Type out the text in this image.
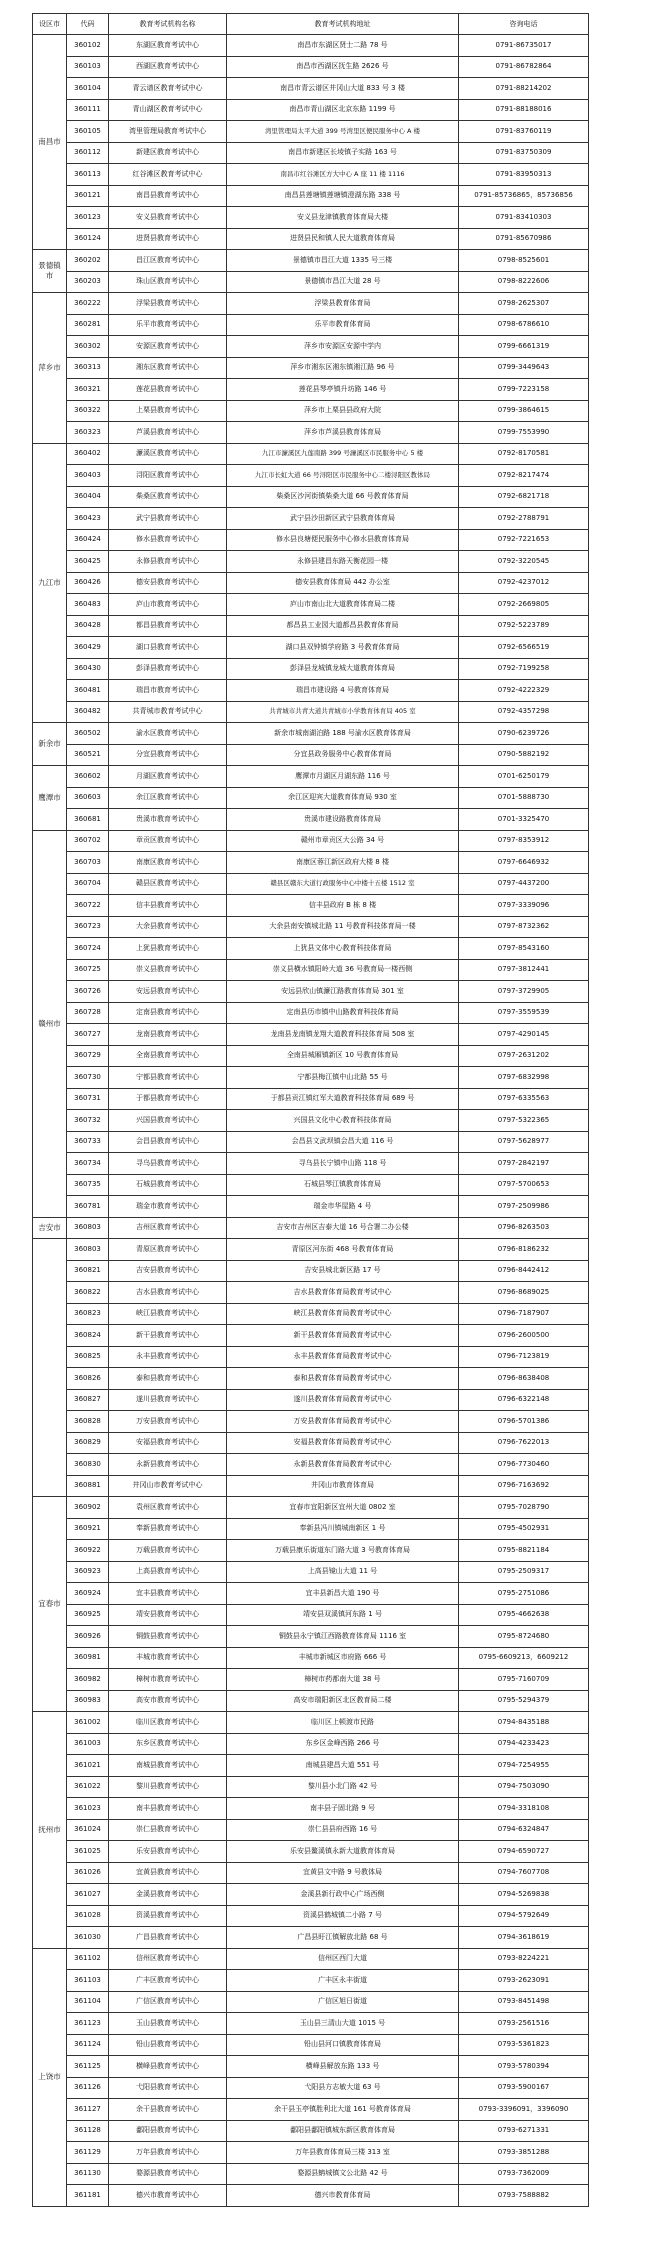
设区市	代码	教育考试机构名称	教育考试机构地址	咨询电话
南昌市	360102	东湖区教育考试中心	南昌市东湖区贤士二路 78 号	0791-86735017
	360103	西湖区教育考试中心	南昌市西湖区抚生路 2626 号	0791-86782864
	360104	青云谱区教育考试中心	南昌市青云谱区井冈山大道 833 号 3 楼	0791-88214202
	360111	青山湖区教育考试中心	南昌市青山湖区北京东路 1199 号	0791-88188016
	360105	湾里管理局教育考试中心	湾里管理局太平大道 399 号湾里区便民服务中心 A 楼	0791-83760119
	360112	新建区教育考试中心	南昌市新建区长堎镇子实路 163 号	0791-83750309
	360113	红谷滩区教育考试中心	南昌市红谷滩区方大中心 A 座 11 楼 1116	0791-83950313
	360121	南昌县教育考试中心	南昌县莲塘镇莲塘镇澄湖东路 338 号	0791-85736865，85736856
	360123	安义县教育考试中心	安义县龙津镇教育体育局大楼	0791-83410303
	360124	进贤县教育考试中心	进贤县民和镇人民大道教育体育局	0791-85670986
景德镇市	360202	昌江区教育考试中心	景德镇市昌江大道 1335 号三楼	0798-8525601
	360203	珠山区教育考试中心	景德镇市昌江大道 28 号	0798-8222606
萍乡市	360222	浮梁县教育考试中心	浮梁县教育体育局	0798-2625307
	360281	乐平市教育考试中心	乐平市教育体育局	0798-6786610
	360302	安源区教育考试中心	萍乡市安源区安源中学内	0799-6661319
	360313	湘东区教育考试中心	萍乡市湘东区湘东镇湘江路 96 号	0799-3449643
	360321	莲花县教育考试中心	莲花县琴亭镇升坊路 146 号	0799-7223158
	360322	上栗县教育考试中心	萍乡市上栗县县政府大院	0799-3864615
	360323	芦溪县教育考试中心	萍乡市芦溪县教育体育局	0799-7553990
九江市	360402	濂溪区教育考试中心	九江市濂溪区九莲南路 399 号濂溪区市民服务中心 5 楼	0792-8170581
	360403	浔阳区教育考试中心	九江市长虹大道 66 号浔阳区市民服务中心二楼浔阳区教体局	0792-8217474
	360404	柴桑区教育考试中心	柴桑区沙河街镇柴桑大道 66 号教育体育局	0792-6821718
	360423	武宁县教育考试中心	武宁县沙田新区武宁县教育体育局	0792-2788791
	360424	修水县教育考试中心	修水县良塘便民服务中心修水县教育体育局	0792-7221653
	360425	永修县教育考试中心	永修县建昌东路天衡花园一楼	0792-3220545
	360426	德安县教育考试中心	德安县教育体育局 442 办公室	0792-4237012
	360483	庐山市教育考试中心	庐山市南山北大道教育体育局二楼	0792-2669805
	360428	都昌县教育考试中心	都昌县工业园大道都昌县教育体育局	0792-5223789
	360429	湖口县教育考试中心	湖口县双钟镇学府路 3 号教育体育局	0792-6566519
	360430	彭泽县教育考试中心	彭泽县龙城镇龙城大道教育体育局	0792-7199258
	360481	瑞昌市教育考试中心	瑞昌市建设路 4 号教育体育局	0792-4222329
	360482	共青城市教育考试中心	共青城市共青大道共青城市小学教育体育局 405 室	0792-4357298
新余市	360502	渝水区教育考试中心	新余市城南湖泊路 188 号渝水区教育体育局	0790-6239726
	360521	分宜县教育考试中心	分宜县政务服务中心教育体育局	0790-5882192
鹰潭市	360602	月湖区教育考试中心	鹰潭市月湖区月湖东路 116 号	0701-6250179
	360603	余江区教育考试中心	余江区迎宾大道教育体育局 930 室	0701-5888730
	360681	贵溪市教育考试中心	贵溪市建设路教育体育局	0701-3325470
赣州市	360702	章贡区教育考试中心	赣州市章贡区大公路 34 号	0797-8353912
	360703	南康区教育考试中心	南康区蓉江新区政府大楼 8 楼	0797-6646932
	360704	赣县区教育考试中心	赣县区赣东大道行政服务中心中楼十五楼 1512 室	0797-4437200
	360722	信丰县教育考试中心	信丰县政府 B 栋 8 楼	0797-3339096
	360723	大余县教育考试中心	大余县南安镇城北路 11 号教育科技体育局一楼	0797-8732362
	360724	上犹县教育考试中心	上犹县文体中心教育科技体育局	0797-8543160
	360725	崇义县教育考试中心	崇义县横水镇阳岭大道 36 号教育局一楼西侧	0797-3812441
	360726	安远县教育考试中心	安远县欣山镇濂江路教育体育局 301 室	0797-3729905
	360728	定南县教育考试中心	定南县历市镇中山路教育科技体育局	0797-3559539
	360727	龙南县教育考试中心	龙南县龙南镇龙翔大道教育科技体育局 508 室	0797-4290145
	360729	全南县教育考试中心	全南县城厢镇新区 10 号教育体育局	0797-2631202
	360730	宁都县教育考试中心	宁都县梅江镇中山北路 55 号	0797-6832998
	360731	于都县教育考试中心	于都县贡江镇红军大道教育科技体育局 689 号	0797-6335563
	360732	兴国县教育考试中心	兴国县文化中心教育科技体育局	0797-5322365
	360733	会昌县教育考试中心	会昌县文武坝镇会昌大道 116 号	0797-5628977
	360734	寻乌县教育考试中心	寻乌县长宁镇中山路 118 号	0797-2842197
	360735	石城县教育考试中心	石城县琴江镇教育体育局	0797-5700653
	360781	瑞金市教育考试中心	瑞金市华屋路 4 号	0797-2509986
吉安市	360803	吉州区教育考试中心	吉安市吉州区吉泰大道 16 号合署二办公楼	0796-8263503
	360803	青原区教育考试中心	青原区河东街 468 号教育体育局	0796-8186232
	360821	吉安县教育考试中心	吉安县城北新区路 17 号	0796-8442412
	360822	吉水县教育考试中心	吉水县教育体育局教育考试中心	0796-8689025
	360823	峡江县教育考试中心	峡江县教育体育局教育考试中心	0796-7187907
	360824	新干县教育考试中心	新干县教育体育局教育考试中心	0796-2600500
	360825	永丰县教育考试中心	永丰县教育体育局教育考试中心	0796-7123819
	360826	泰和县教育考试中心	泰和县教育体育局教育考试中心	0796-8638408
	360827	遂川县教育考试中心	遂川县教育体育局教育考试中心	0796-6322148
	360828	万安县教育考试中心	万安县教育体育局教育考试中心	0796-5701386
	360829	安福县教育考试中心	安福县教育体育局教育考试中心	0796-7622013
	360830	永新县教育考试中心	永新县教育体育局教育考试中心	0796-7730460
	360881	井冈山市教育考试中心	井冈山市教育体育局	0796-7163692
宜春市	360902	袁州区教育考试中心	宜春市宜阳新区宜州大道 0802 室	0795-7028790
	360921	奉新县教育考试中心	奉新县冯川镇城南新区 1 号	0795-4502931
	360922	万载县教育考试中心	万载县康乐街道东门路大道 3 号教育体育局	0795-8821184
	360923	上高县教育考试中心	上高县镜山大道 11 号	0795-2509317
	360924	宜丰县教育考试中心	宜丰县新昌大道 190 号	0795-2751086
	360925	靖安县教育考试中心	靖安县双溪镇河东路 1 号	0795-4662638
	360926	铜鼓县教育考试中心	铜鼓县永宁镇江西路教育体育局 1116 室	0795-8724680
	360981	丰城市教育考试中心	丰城市新城区市府路 666 号	0795-6609213，6609212
	360982	樟树市教育考试中心	樟树市药都南大道 38 号	0795-7160709
	360983	高安市教育考试中心	高安市瑞阳新区北区教育局二楼	0795-5294379
抚州市	361002	临川区教育考试中心	临川区上顿渡市民路	0794-8435188
	361003	东乡区教育考试中心	东乡区金峰西路 266 号	0794-4233423
	361021	南城县教育考试中心	南城县建昌大道 551 号	0794-7254955
	361022	黎川县教育考试中心	黎川县小北门路 42 号	0794-7503090
	361023	南丰县教育考试中心	南丰县子固北路 9 号	0794-3318108
	361024	崇仁县教育考试中心	崇仁县县府西路 16 号	0794-6324847
	361025	乐安县教育考试中心	乐安县鳌溪镇永新大道教育体育局	0794-6590727
	361026	宜黄县教育考试中心	宜黄县文中路 9 号教体局	0794-7607708
	361027	金溪县教育考试中心	金溪县新行政中心广场西侧	0794-5269838
	361028	资溪县教育考试中心	资溪县鹤城镇二小路 7 号	0794-5792649
	361030	广昌县教育考试中心	广昌县盱江镇解放北路 68 号	0794-3618619
上饶市	361102	信州区教育考试中心	信州区西门大道	0793-8224221
	361103	广丰区教育考试中心	广丰区永丰街道	0793-2623091
	361104	广信区教育考试中心	广信区旭日街道	0793-8451498
	361123	玉山县教育考试中心	玉山县三清山大道 1015 号	0793-2561516
	361124	铅山县教育考试中心	铅山县河口镇教育体育局	0793-5361823
	361125	横峰县教育考试中心	横峰县解放东路 133 号	0793-5780394
	361126	弋阳县教育考试中心	弋阳县方志敏大道 63 号	0793-5900167
	361127	余干县教育考试中心	余干县玉亭镇胜利北大道 161 号教育体育局	0793-3396091，3396090
	361128	鄱阳县教育考试中心	鄱阳县鄱阳镇城东新区教育体育局	0793-6271331
	361129	万年县教育考试中心	万年县教育体育局三楼 313 室	0793-3851288
	361130	婺源县教育考试中心	婺源县蚺城镇文公北路 42 号	0793-7362009
	361181	德兴市教育考试中心	德兴市教育体育局	0793-7588882
